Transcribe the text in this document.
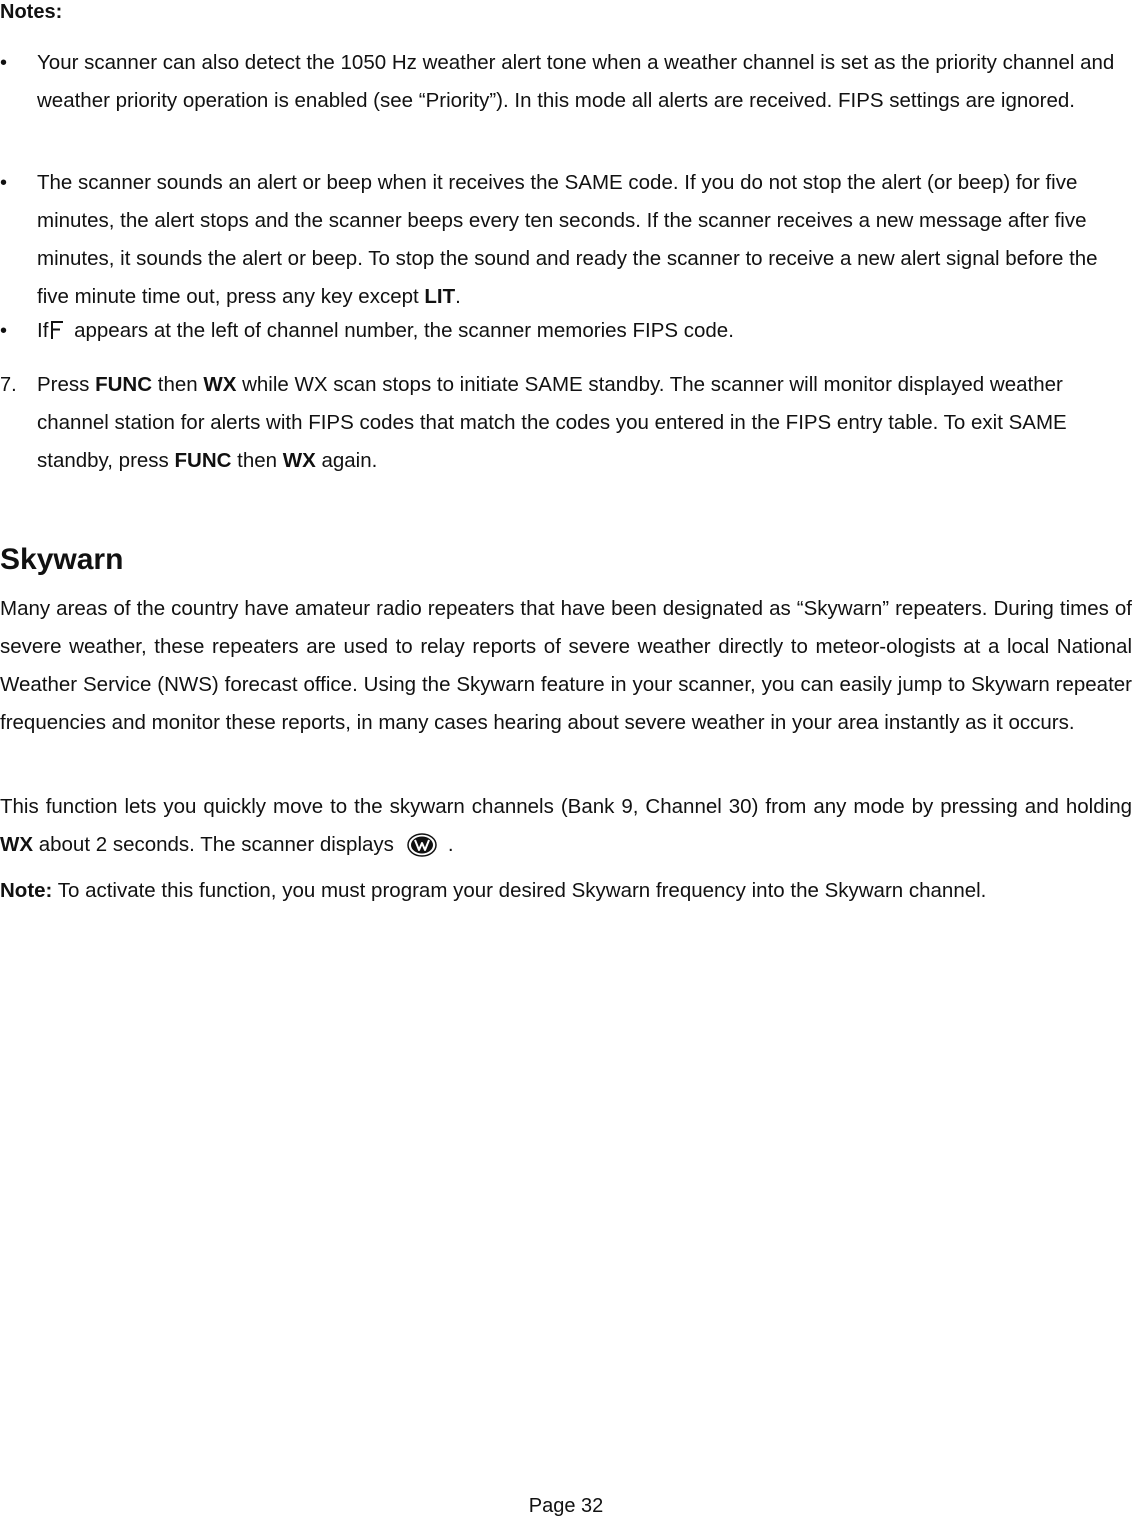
Notes:
• Your scanner can also detect the 1050 Hz weather alert tone when a weather channel is set as the priority channel and weather priority operation is enabled (see “Priority”). In this mode all alerts are received. FIPS settings are ignored.
• The scanner sounds an alert or beep when it receives the SAME code. If you do not stop the alert (or beep) for five minutes, the alert stops and the scanner beeps every ten seconds. If the scanner receives a new message after five minutes, it sounds the alert or beep. To stop the sound and ready the scanner to receive a new alert signal before the five minute time out, press any key except LIT.
• If appears at the left of channel number, the scanner memories FIPS code.
7. Press FUNC then WX while WX scan stops to initiate SAME standby. The scanner will monitor displayed weather channel station for alerts with FIPS codes that match the codes you entered in the FIPS entry table. To exit SAME standby, press FUNC then WX again.
Skywarn
Many areas of the country have amateur radio repeaters that have been designated as “Skywarn” repeaters. During times of severe weather, these repeaters are used to relay reports of severe weather directly to meteor-ologists at a local National Weather Service (NWS) forecast office. Using the Skywarn feature in your scanner, you can easily jump to Skywarn repeater frequencies and monitor these reports, in many cases hearing about severe weather in your area instantly as it occurs.
This function lets you quickly move to the skywarn channels (Bank 9, Channel 30) from any mode by pressing and holding WX about 2 seconds. The scanner displays	.
Note: To activate this function, you must program your desired Skywarn frequency into the Skywarn channel.
Page 32
